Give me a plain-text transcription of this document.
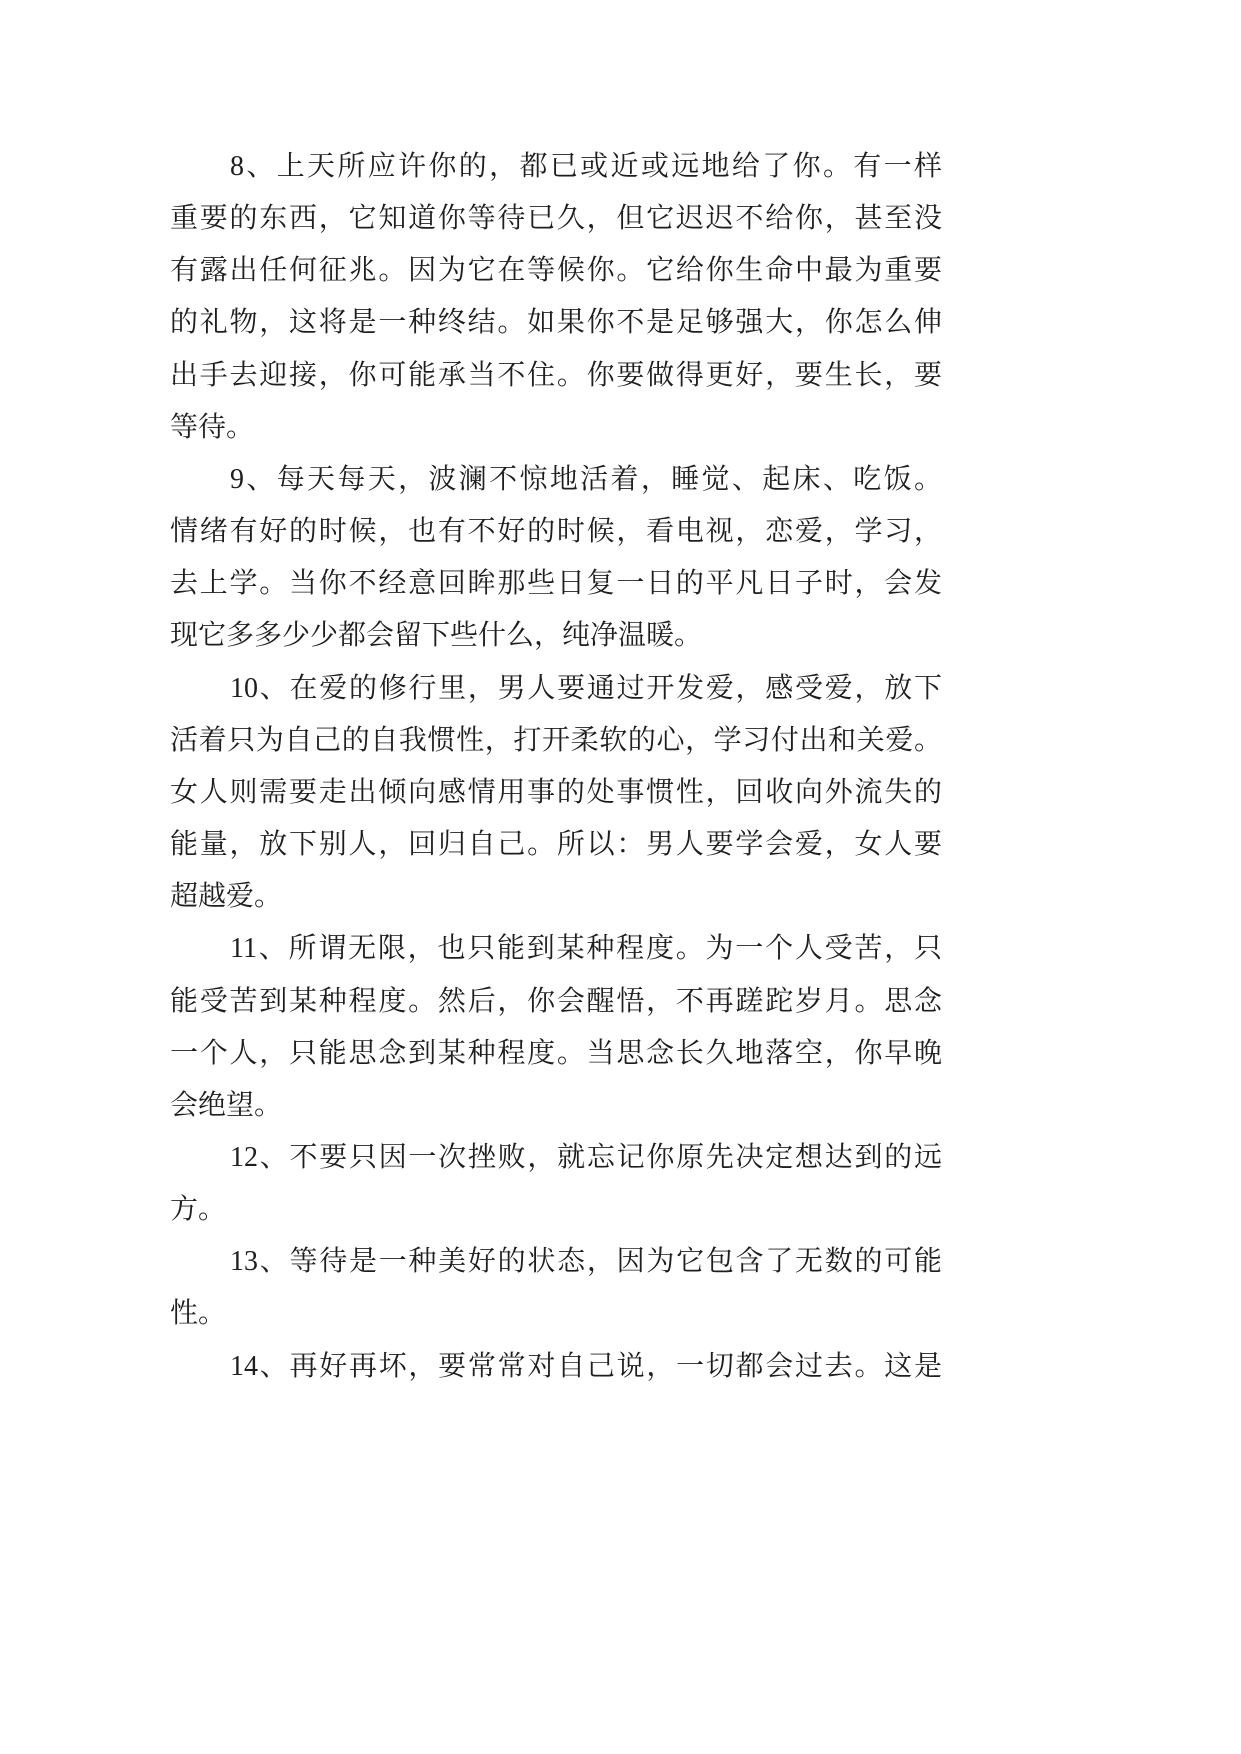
8、上天所应许你的，都已或近或远地给了你。有一样
重要的东西，它知道你等待已久，但它迟迟不给你，甚至没
有露出任何征兆。因为它在等候你。它给你生命中最为重要
的礼物，这将是一种终结。如果你不是足够强大，你怎么伸
出手去迎接，你可能承当不住。你要做得更好，要生长，要
等待。
9、每天每天，波澜不惊地活着，睡觉、起床、吃饭。
情绪有好的时候，也有不好的时候，看电视，恋爱，学习，
去上学。当你不经意回眸那些日复一日的平凡日子时，会发
现它多多少少都会留下些什么，纯净温暖。
10、在爱的修行里，男人要通过开发爱，感受爱，放下
活着只为自己的自我惯性，打开柔软的心，学习付出和关爱。
女人则需要走出倾向感情用事的处事惯性，回收向外流失的
能量，放下别人，回归自己。所以：男人要学会爱，女人要
超越爱。
11、所谓无限，也只能到某种程度。为一个人受苦，只
能受苦到某种程度。然后，你会醒悟，不再蹉跎岁月。思念
一个人，只能思念到某种程度。当思念长久地落空，你早晚
会绝望。
12、不要只因一次挫败，就忘记你原先决定想达到的远
方。
13、等待是一种美好的状态，因为它包含了无数的可能
性。
14、再好再坏，要常常对自己说，一切都会过去。这是
